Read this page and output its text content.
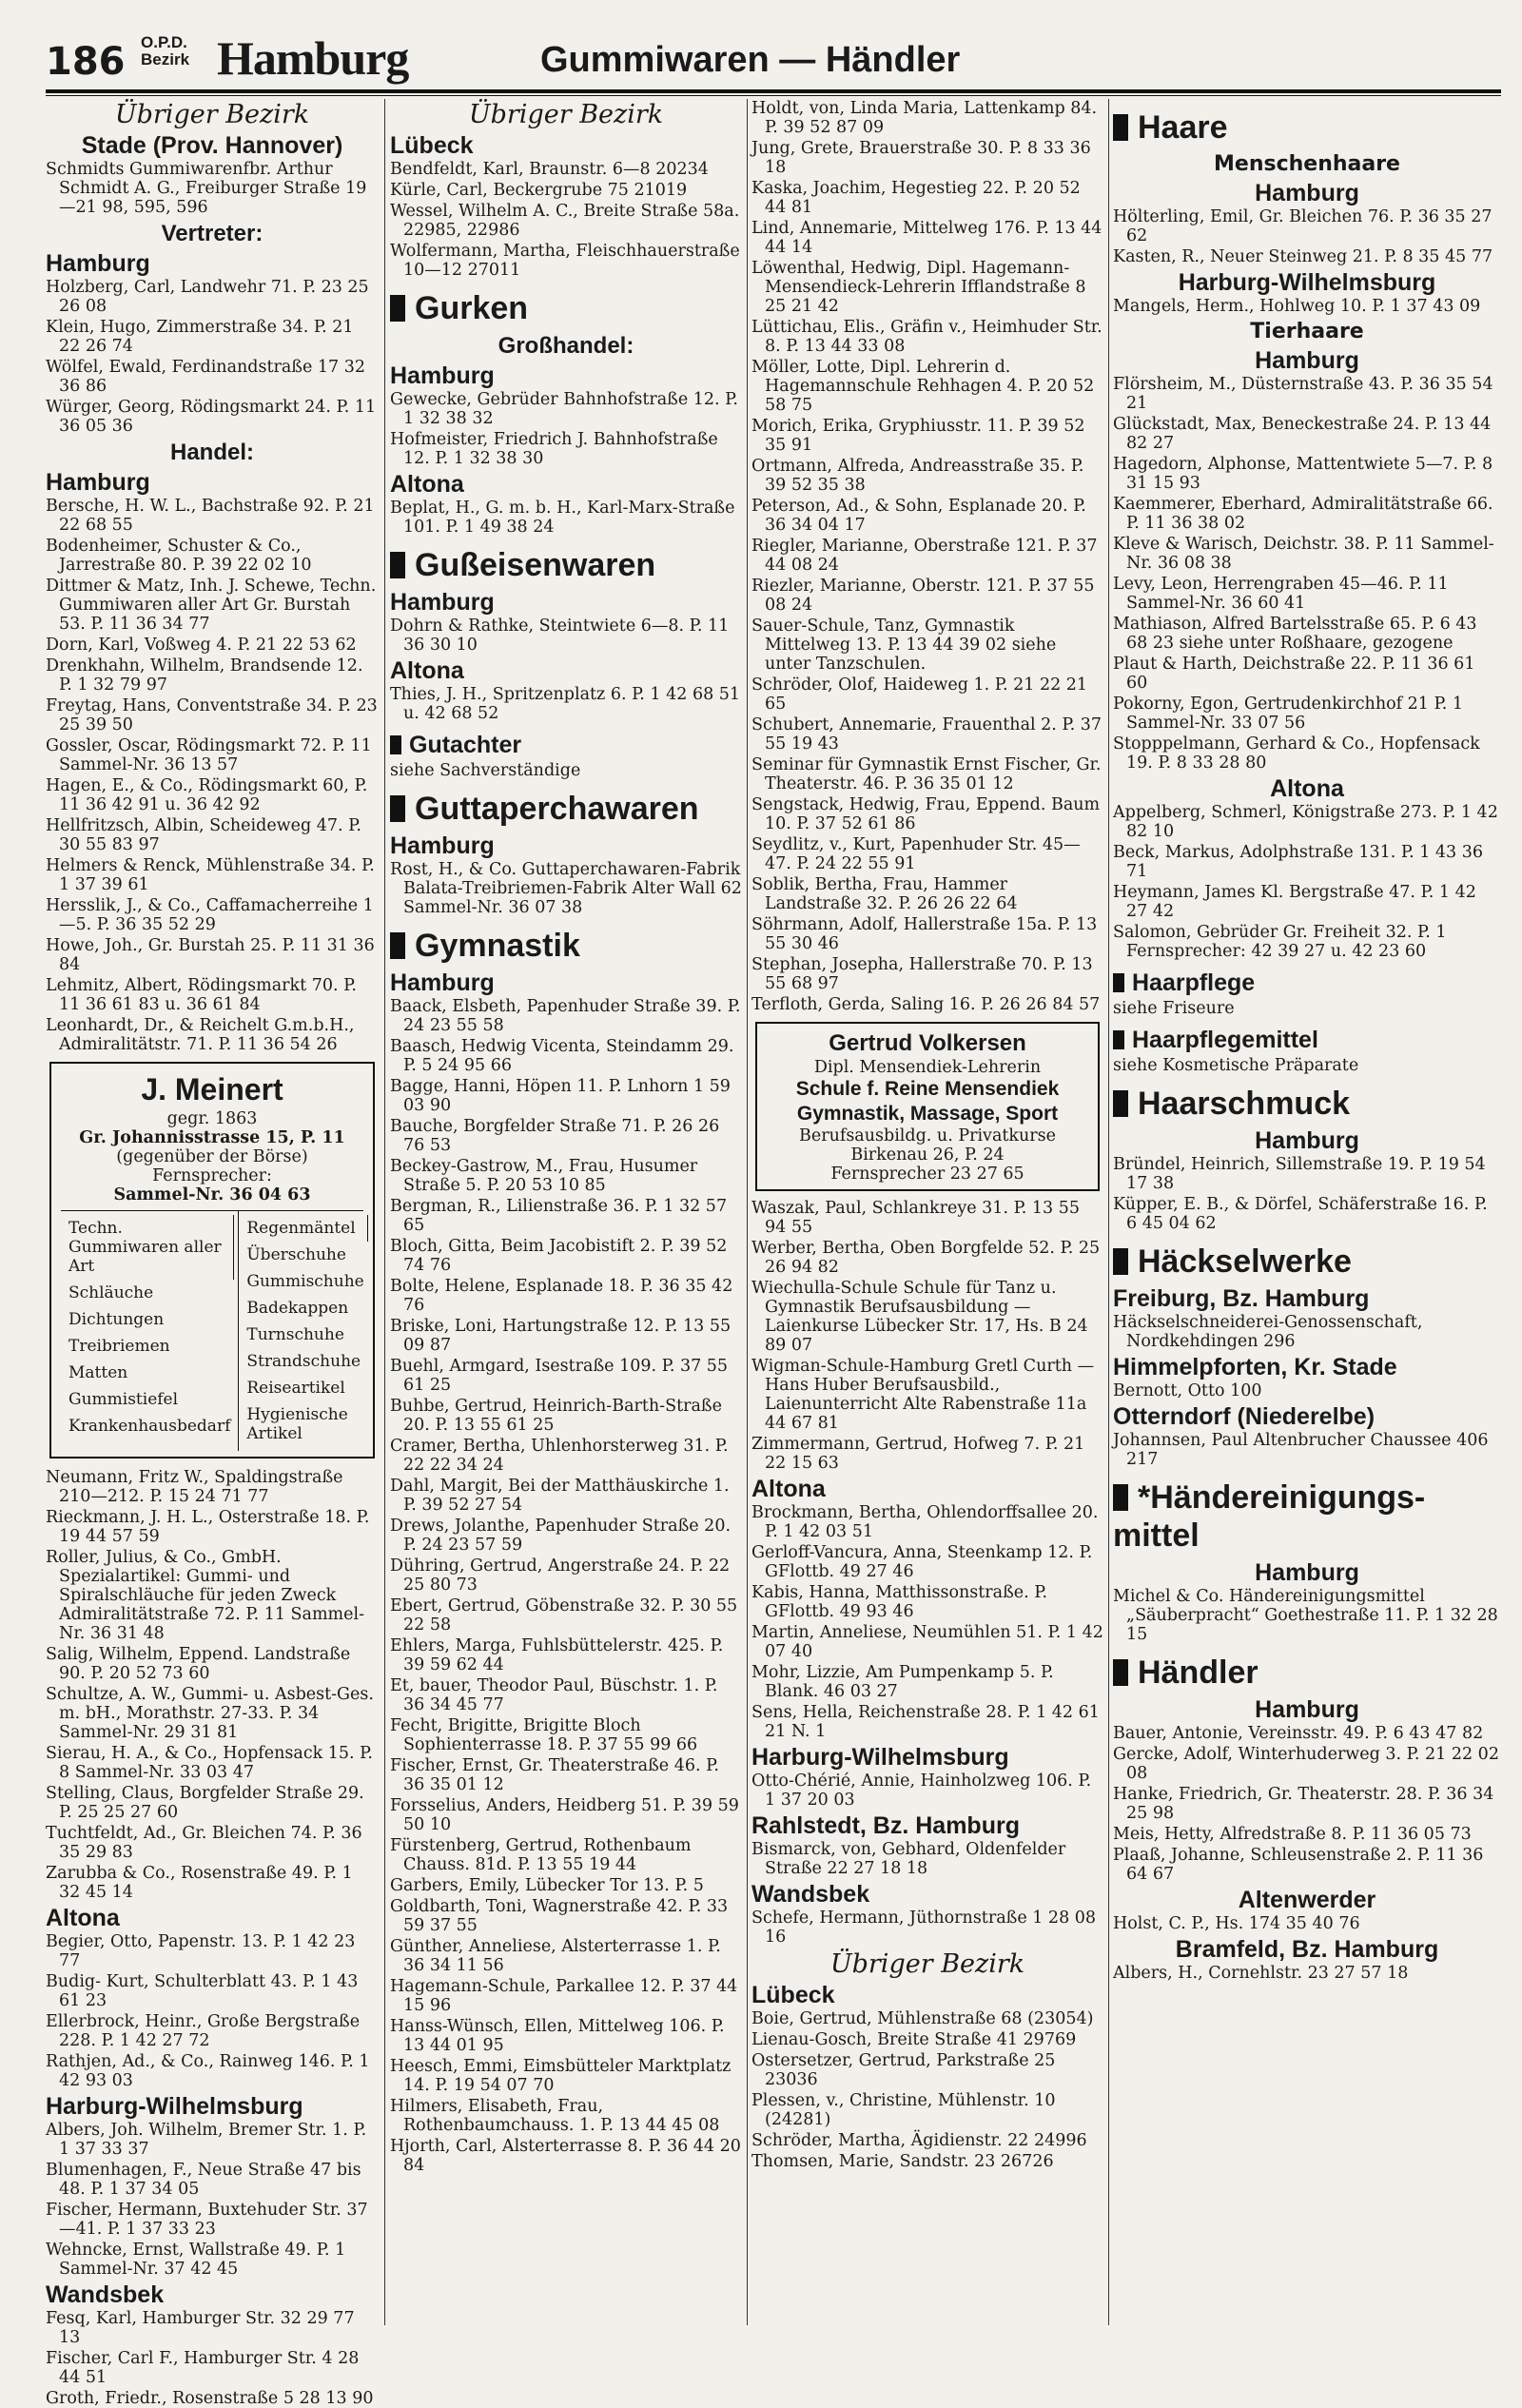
186 O.P.D.
Bezirk Hamburg	Gummiwaren — Händler
Übriger Bezirk
Stade (Prov. Hannover)
Schmidts Gummiwarenfbr. Arthur Schmidt A. G., Freiburger Straße 19—21 98, 595, 596
Vertreter:
Hamburg
Holzberg, Carl, Landwehr 71. P. 23 25 26 08
Klein, Hugo, Zimmerstraße 34. P. 21 22 26 74
Wölfel, Ewald, Ferdinandstraße 17 32 36 86
Würger, Georg, Rödingsmarkt 24. P. 11 36 05 36
Handel:
Hamburg
Bersche, H. W. L., Bachstraße 92. P. 21 22 68 55
Bodenheimer, Schuster & Co., Jarrestraße 80. P. 39 22 02 10
Dittmer & Matz, Inh. J. Schewe, Techn. Gummiwaren aller Art Gr. Burstah 53. P. 11 36 34 77
Dorn, Karl, Voßweg 4. P. 21 22 53 62
Drenkhahn, Wilhelm, Brandsende 12. P. 1 32 79 97
Freytag, Hans, Conventstraße 34. P. 23 25 39 50
Gossler, Oscar, Rödingsmarkt 72. P. 11 Sammel-Nr. 36 13 57
Hagen, E., & Co., Rödingsmarkt 60, P. 11 36 42 91 u. 36 42 92
Hellfritzsch, Albin, Scheideweg 47. P. 30 55 83 97
Helmers & Renck, Mühlenstraße 34. P. 1 37 39 61
Hersslik, J., & Co., Caffamacherreihe 1—5. P. 36 35 52 29
Howe, Joh., Gr. Burstah 25. P. 11 31 36 84
Lehmitz, Albert, Rödingsmarkt 70. P. 11 36 61 83 u. 36 61 84
Leonhardt, Dr., & Reichelt G.m.b.H., Admiralitätstr. 71. P. 11 36 54 26
J. Meinert
gegr. 1863
Gr. Johannisstrasse 15, P. 11
(gegenüber der Börse)
Fernsprecher:
Sammel-Nr. 36 04 63
Techn. Gummiwaren aller Art
Schläuche
Dichtungen
Treibriemen
Matten
Gummistiefel
Krankenhausbedarf
Regenmäntel
Überschuhe
Gummischuhe
Badekappen
Turnschuhe
Strandschuhe
Reiseartikel
Hygienische Artikel
Neumann, Fritz W., Spaldingstraße 210—212. P. 15 24 71 77
Rieckmann, J. H. L., Osterstraße 18. P. 19 44 57 59
Roller, Julius, & Co., GmbH. Spezialartikel: Gummi- und Spiralschläuche für jeden Zweck Admiralitätstraße 72. P. 11 Sammel-Nr. 36 31 48
Salig, Wilhelm, Eppend. Landstraße 90. P. 20 52 73 60
Schultze, A. W., Gummi- u. Asbest-Ges. m. bH., Morathstr. 27-33. P. 34 Sammel-Nr. 29 31 81
Sierau, H. A., & Co., Hopfensack 15. P. 8 Sammel-Nr. 33 03 47
Stelling, Claus, Borgfelder Straße 29. P. 25 25 27 60
Tuchtfeldt, Ad., Gr. Bleichen 74. P. 36 35 29 83
Zarubba & Co., Rosenstraße 49. P. 1 32 45 14
Altona
Begier, Otto, Papenstr. 13. P. 1 42 23 77
Budig- Kurt, Schulterblatt 43. P. 1 43 61 23
Ellerbrock, Heinr., Große Bergstraße 228. P. 1 42 27 72
Rathjen, Ad., & Co., Rainweg 146. P. 1 42 93 03
Harburg-Wilhelmsburg
Albers, Joh. Wilhelm, Bremer Str. 1. P. 1 37 33 37
Blumenhagen, F., Neue Straße 47 bis 48. P. 1 37 34 05
Fischer, Hermann, Buxtehuder Str. 37—41. P. 1 37 33 23
Wehncke, Ernst, Wallstraße 49. P. 1 Sammel-Nr. 37 42 45
Wandsbek
Fesq, Karl, Hamburger Str. 32 29 77 13
Fischer, Carl F., Hamburger Str. 4 28 44 51
Groth, Friedr., Rosenstraße 5 28 13 90
Übriger Bezirk
Lübeck
Bendfeldt, Karl, Braunstr. 6—8 20234
Kürle, Carl, Beckergrube 75 21019
Wessel, Wilhelm A. C., Breite Straße 58a. 22985, 22986
Wolfermann, Martha, Fleischhauerstraße 10—12 27011
Gurken
Großhandel:
Hamburg
Gewecke, Gebrüder Bahnhofstraße 12. P. 1 32 38 32
Hofmeister, Friedrich J. Bahnhofstraße 12. P. 1 32 38 30
Altona
Beplat, H., G. m. b. H., Karl-Marx-Straße 101. P. 1 49 38 24
Gußeisenwaren
Hamburg
Dohrn & Rathke, Steintwiete 6—8. P. 11 36 30 10
Altona
Thies, J. H., Spritzenplatz 6. P. 1 42 68 51 u. 42 68 52
Gutachter
siehe Sachverständige
Guttaperchawaren
Hamburg
Rost, H., & Co. Guttaperchawaren-Fabrik Balata-Treibriemen-Fabrik Alter Wall 62 Sammel-Nr. 36 07 38
Gymnastik
Hamburg
Baack, Elsbeth, Papenhuder Straße 39. P. 24 23 55 58
Baasch, Hedwig Vicenta, Steindamm 29. P. 5 24 95 66
Bagge, Hanni, Höpen 11. P. Lnhorn 1 59 03 90
Bauche, Borgfelder Straße 71. P. 26 26 76 53
Beckey-Gastrow, M., Frau, Husumer Straße 5. P. 20 53 10 85
Bergman, R., Lilienstraße 36. P. 1 32 57 65
Bloch, Gitta, Beim Jacobistift 2. P. 39 52 74 76
Bolte, Helene, Esplanade 18. P. 36 35 42 76
Briske, Loni, Hartungstraße 12. P. 13 55 09 87
Buehl, Armgard, Isestraße 109. P. 37 55 61 25
Buhbe, Gertrud, Heinrich-Barth-Straße 20. P. 13 55 61 25
Cramer, Bertha, Uhlenhorsterweg 31. P. 22 22 34 24
Dahl, Margit, Bei der Matthäuskirche 1. P. 39 52 27 54
Drews, Jolanthe, Papenhuder Straße 20. P. 24 23 57 59
Dühring, Gertrud, Angerstraße 24. P. 22 25 80 73
Ebert, Gertrud, Göbenstraße 32. P. 30 55 22 58
Ehlers, Marga, Fuhlsbüttelerstr. 425. P. 39 59 62 44
Et, bauer, Theodor Paul, Büschstr. 1. P. 36 34 45 77
Fecht, Brigitte, Brigitte Bloch Sophienterrasse 18. P. 37 55 99 66
Fischer, Ernst, Gr. Theaterstraße 46. P. 36 35 01 12
Forsselius, Anders, Heidberg 51. P. 39 59 50 10
Fürstenberg, Gertrud, Rothenbaum Chauss. 81d. P. 13 55 19 44
Garbers, Emily, Lübecker Tor 13. P. 5
Goldbarth, Toni, Wagnerstraße 42. P. 33 59 37 55
Günther, Anneliese, Alsterterrasse 1. P. 36 34 11 56
Hagemann-Schule, Parkallee 12. P. 37 44 15 96
Hanss-Wünsch, Ellen, Mittelweg 106. P. 13 44 01 95
Heesch, Emmi, Eimsbütteler Marktplatz 14. P. 19 54 07 70
Hilmers, Elisabeth, Frau, Rothenbaumchauss. 1. P. 13 44 45 08
Hjorth, Carl, Alsterterrasse 8. P. 36 44 20 84
Holdt, von, Linda Maria, Lattenkamp 84. P. 39 52 87 09
Jung, Grete, Brauerstraße 30. P. 8 33 36 18
Kaska, Joachim, Hegestieg 22. P. 20 52 44 81
Lind, Annemarie, Mittelweg 176. P. 13 44 44 14
Löwenthal, Hedwig, Dipl. Hagemann-Mensendieck-Lehrerin Ifflandstraße 8 25 21 42
Lüttichau, Elis., Gräfin v., Heimhuder Str. 8. P. 13 44 33 08
Möller, Lotte, Dipl. Lehrerin d. Hagemannschule Rehhagen 4. P. 20 52 58 75
Morich, Erika, Gryphiusstr. 11. P. 39 52 35 91
Ortmann, Alfreda, Andreasstraße 35. P. 39 52 35 38
Peterson, Ad., & Sohn, Esplanade 20. P. 36 34 04 17
Riegler, Marianne, Oberstraße 121. P. 37 44 08 24
Riezler, Marianne, Oberstr. 121. P. 37 55 08 24
Sauer-Schule, Tanz, Gymnastik Mittelweg 13. P. 13 44 39 02 siehe unter Tanzschulen.
Schröder, Olof, Haideweg 1. P. 21 22 21 65
Schubert, Annemarie, Frauenthal 2. P. 37 55 19 43
Seminar für Gymnastik Ernst Fischer, Gr. Theaterstr. 46. P. 36 35 01 12
Sengstack, Hedwig, Frau, Eppend. Baum 10. P. 37 52 61 86
Seydlitz, v., Kurt, Papenhuder Str. 45—47. P. 24 22 55 91
Soblik, Bertha, Frau, Hammer Landstraße 32. P. 26 26 22 64
Söhrmann, Adolf, Hallerstraße 15a. P. 13 55 30 46
Stephan, Josepha, Hallerstraße 70. P. 13 55 68 97
Terfloth, Gerda, Saling 16. P. 26 26 84 57
Gertrud Volkersen
Dipl. Mensendiek-Lehrerin
Schule f. Reine Mensendiek
Gymnastik, Massage, Sport
Berufsausbildg. u. Privatkurse
Birkenau 26, P. 24
Fernsprecher 23 27 65
Waszak, Paul, Schlankreye 31. P. 13 55 94 55
Werber, Bertha, Oben Borgfelde 52. P. 25 26 94 82
Wiechulla-Schule Schule für Tanz u. Gymnastik Berufsausbildung — Laienkurse Lübecker Str. 17, Hs. B 24 89 07
Wigman-Schule-Hamburg Gretl Curth — Hans Huber Berufsausbild., Laienunterricht Alte Rabenstraße 11a 44 67 81
Zimmermann, Gertrud, Hofweg 7. P. 21 22 15 63
Altona
Brockmann, Bertha, Ohlendorffsallee 20. P. 1 42 03 51
Gerloff-Vancura, Anna, Steenkamp 12. P. GFlottb. 49 27 46
Kabis, Hanna, Matthissonstraße. P. GFlottb. 49 93 46
Martin, Anneliese, Neumühlen 51. P. 1 42 07 40
Mohr, Lizzie, Am Pumpenkamp 5. P. Blank. 46 03 27
Sens, Hella, Reichenstraße 28. P. 1 42 61 21 N. 1
Harburg-Wilhelmsburg
Otto-Chérié, Annie, Hainholzweg 106. P. 1 37 20 03
Rahlstedt, Bz. Hamburg
Bismarck, von, Gebhard, Oldenfelder Straße 22 27 18 18
Wandsbek
Schefe, Hermann, Jüthornstraße 1 28 08 16
Übriger Bezirk
Lübeck
Boie, Gertrud, Mühlenstraße 68 (23054)
Lienau-Gosch, Breite Straße 41 29769
Ostersetzer, Gertrud, Parkstraße 25 23036
Plessen, v., Christine, Mühlenstr. 10 (24281)
Schröder, Martha, Ägidienstr. 22 24996
Thomsen, Marie, Sandstr. 23 26726
Haare
Menschenhaare
Hamburg
Hölterling, Emil, Gr. Bleichen 76. P. 36 35 27 62
Kasten, R., Neuer Steinweg 21. P. 8 35 45 77
Harburg-Wilhelmsburg
Mangels, Herm., Hohlweg 10. P. 1 37 43 09
Tierhaare
Hamburg
Flörsheim, M., Düsternstraße 43. P. 36 35 54 21
Glückstadt, Max, Beneckestraße 24. P. 13 44 82 27
Hagedorn, Alphonse, Mattentwiete 5—7. P. 8 31 15 93
Kaemmerer, Eberhard, Admiralitätstraße 66. P. 11 36 38 02
Kleve & Warisch, Deichstr. 38. P. 11 Sammel-Nr. 36 08 38
Levy, Leon, Herrengraben 45—46. P. 11 Sammel-Nr. 36 60 41
Mathiason, Alfred Bartelsstraße 65. P. 6 43 68 23 siehe unter Roßhaare, gezogene
Plaut & Harth, Deichstraße 22. P. 11 36 61 60
Pokorny, Egon, Gertrudenkirchhof 21 P. 1 Sammel-Nr. 33 07 56
Stopppelmann, Gerhard & Co., Hopfensack 19. P. 8 33 28 80
Altona
Appelberg, Schmerl, Königstraße 273. P. 1 42 82 10
Beck, Markus, Adolphstraße 131. P. 1 43 36 71
Heymann, James Kl. Bergstraße 47. P. 1 42 27 42
Salomon, Gebrüder Gr. Freiheit 32. P. 1 Fernsprecher: 42 39 27 u. 42 23 60
Haarpflege
siehe Friseure
Haarpflegemittel
siehe Kosmetische Präparate
Haarschmuck
Hamburg
Bründel, Heinrich, Sillemstraße 19. P. 19 54 17 38
Küpper, E. B., & Dörfel, Schäferstraße 16. P. 6 45 04 62
Häckselwerke
Freiburg, Bz. Hamburg
Häckselschneiderei-Genossenschaft, Nordkehdingen 296
Himmelpforten, Kr. Stade
Bernott, Otto 100
Otterndorf (Niederelbe)
Johannsen, Paul Altenbrucher Chaussee 406 217
*Händereinigungs-mittel
Hamburg
Michel & Co. Händereinigungsmittel „Säuberpracht“ Goethestraße 11. P. 1 32 28 15
Händler
Hamburg
Bauer, Antonie, Vereinsstr. 49. P. 6 43 47 82
Gercke, Adolf, Winterhuderweg 3. P. 21 22 02 08
Hanke, Friedrich, Gr. Theaterstr. 28. P. 36 34 25 98
Meis, Hetty, Alfredstraße 8. P. 11 36 05 73
Plaaß, Johanne, Schleusenstraße 2. P. 11 36 64 67
Altenwerder
Holst, C. P., Hs. 174 35 40 76
Bramfeld, Bz. Hamburg
Albers, H., Cornehlstr. 23 27 57 18
